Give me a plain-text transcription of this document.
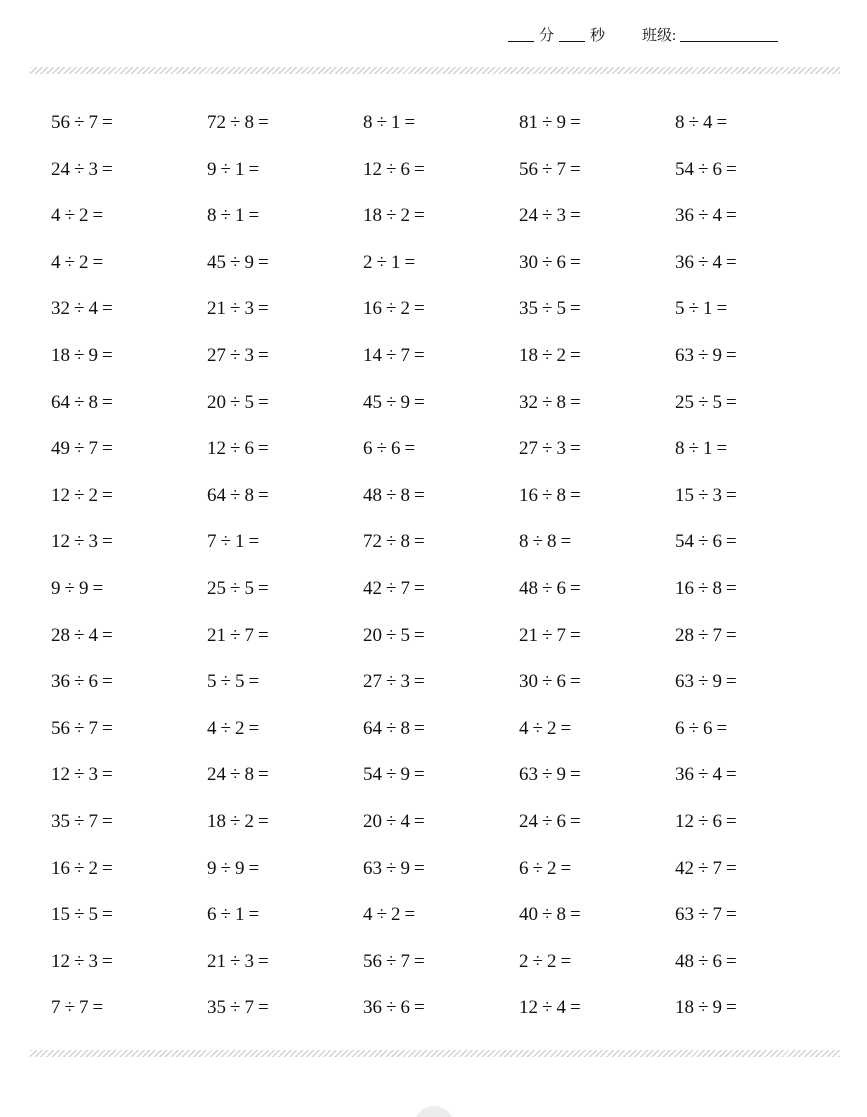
分 秒 班级:
56 ÷ 7 =	72 ÷ 8 =	8 ÷ 1 =	81 ÷ 9 =	8 ÷ 4 =
24 ÷ 3 =	9 ÷ 1 =	12 ÷ 6 =	56 ÷ 7 =	54 ÷ 6 =
4 ÷ 2 =	8 ÷ 1 =	18 ÷ 2 =	24 ÷ 3 =	36 ÷ 4 =
4 ÷ 2 =	45 ÷ 9 =	2 ÷ 1 =	30 ÷ 6 =	36 ÷ 4 =
32 ÷ 4 =	21 ÷ 3 =	16 ÷ 2 =	35 ÷ 5 =	5 ÷ 1 =
18 ÷ 9 =	27 ÷ 3 =	14 ÷ 7 =	18 ÷ 2 =	63 ÷ 9 =
64 ÷ 8 =	20 ÷ 5 =	45 ÷ 9 =	32 ÷ 8 =	25 ÷ 5 =
49 ÷ 7 =	12 ÷ 6 =	6 ÷ 6 =	27 ÷ 3 =	8 ÷ 1 =
12 ÷ 2 =	64 ÷ 8 =	48 ÷ 8 =	16 ÷ 8 =	15 ÷ 3 =
12 ÷ 3 =	7 ÷ 1 =	72 ÷ 8 =	8 ÷ 8 =	54 ÷ 6 =
9 ÷ 9 =	25 ÷ 5 =	42 ÷ 7 =	48 ÷ 6 =	16 ÷ 8 =
28 ÷ 4 =	21 ÷ 7 =	20 ÷ 5 =	21 ÷ 7 =	28 ÷ 7 =
36 ÷ 6 =	5 ÷ 5 =	27 ÷ 3 =	30 ÷ 6 =	63 ÷ 9 =
56 ÷ 7 =	4 ÷ 2 =	64 ÷ 8 =	4 ÷ 2 =	6 ÷ 6 =
12 ÷ 3 =	24 ÷ 8 =	54 ÷ 9 =	63 ÷ 9 =	36 ÷ 4 =
35 ÷ 7 =	18 ÷ 2 =	20 ÷ 4 =	24 ÷ 6 =	12 ÷ 6 =
16 ÷ 2 =	9 ÷ 9 =	63 ÷ 9 =	6 ÷ 2 =	42 ÷ 7 =
15 ÷ 5 =	6 ÷ 1 =	4 ÷ 2 =	40 ÷ 8 =	63 ÷ 7 =
12 ÷ 3 =	21 ÷ 3 =	56 ÷ 7 =	2 ÷ 2 =	48 ÷ 6 =
7 ÷ 7 =	35 ÷ 7 =	36 ÷ 6 =	12 ÷ 4 =	18 ÷ 9 =
